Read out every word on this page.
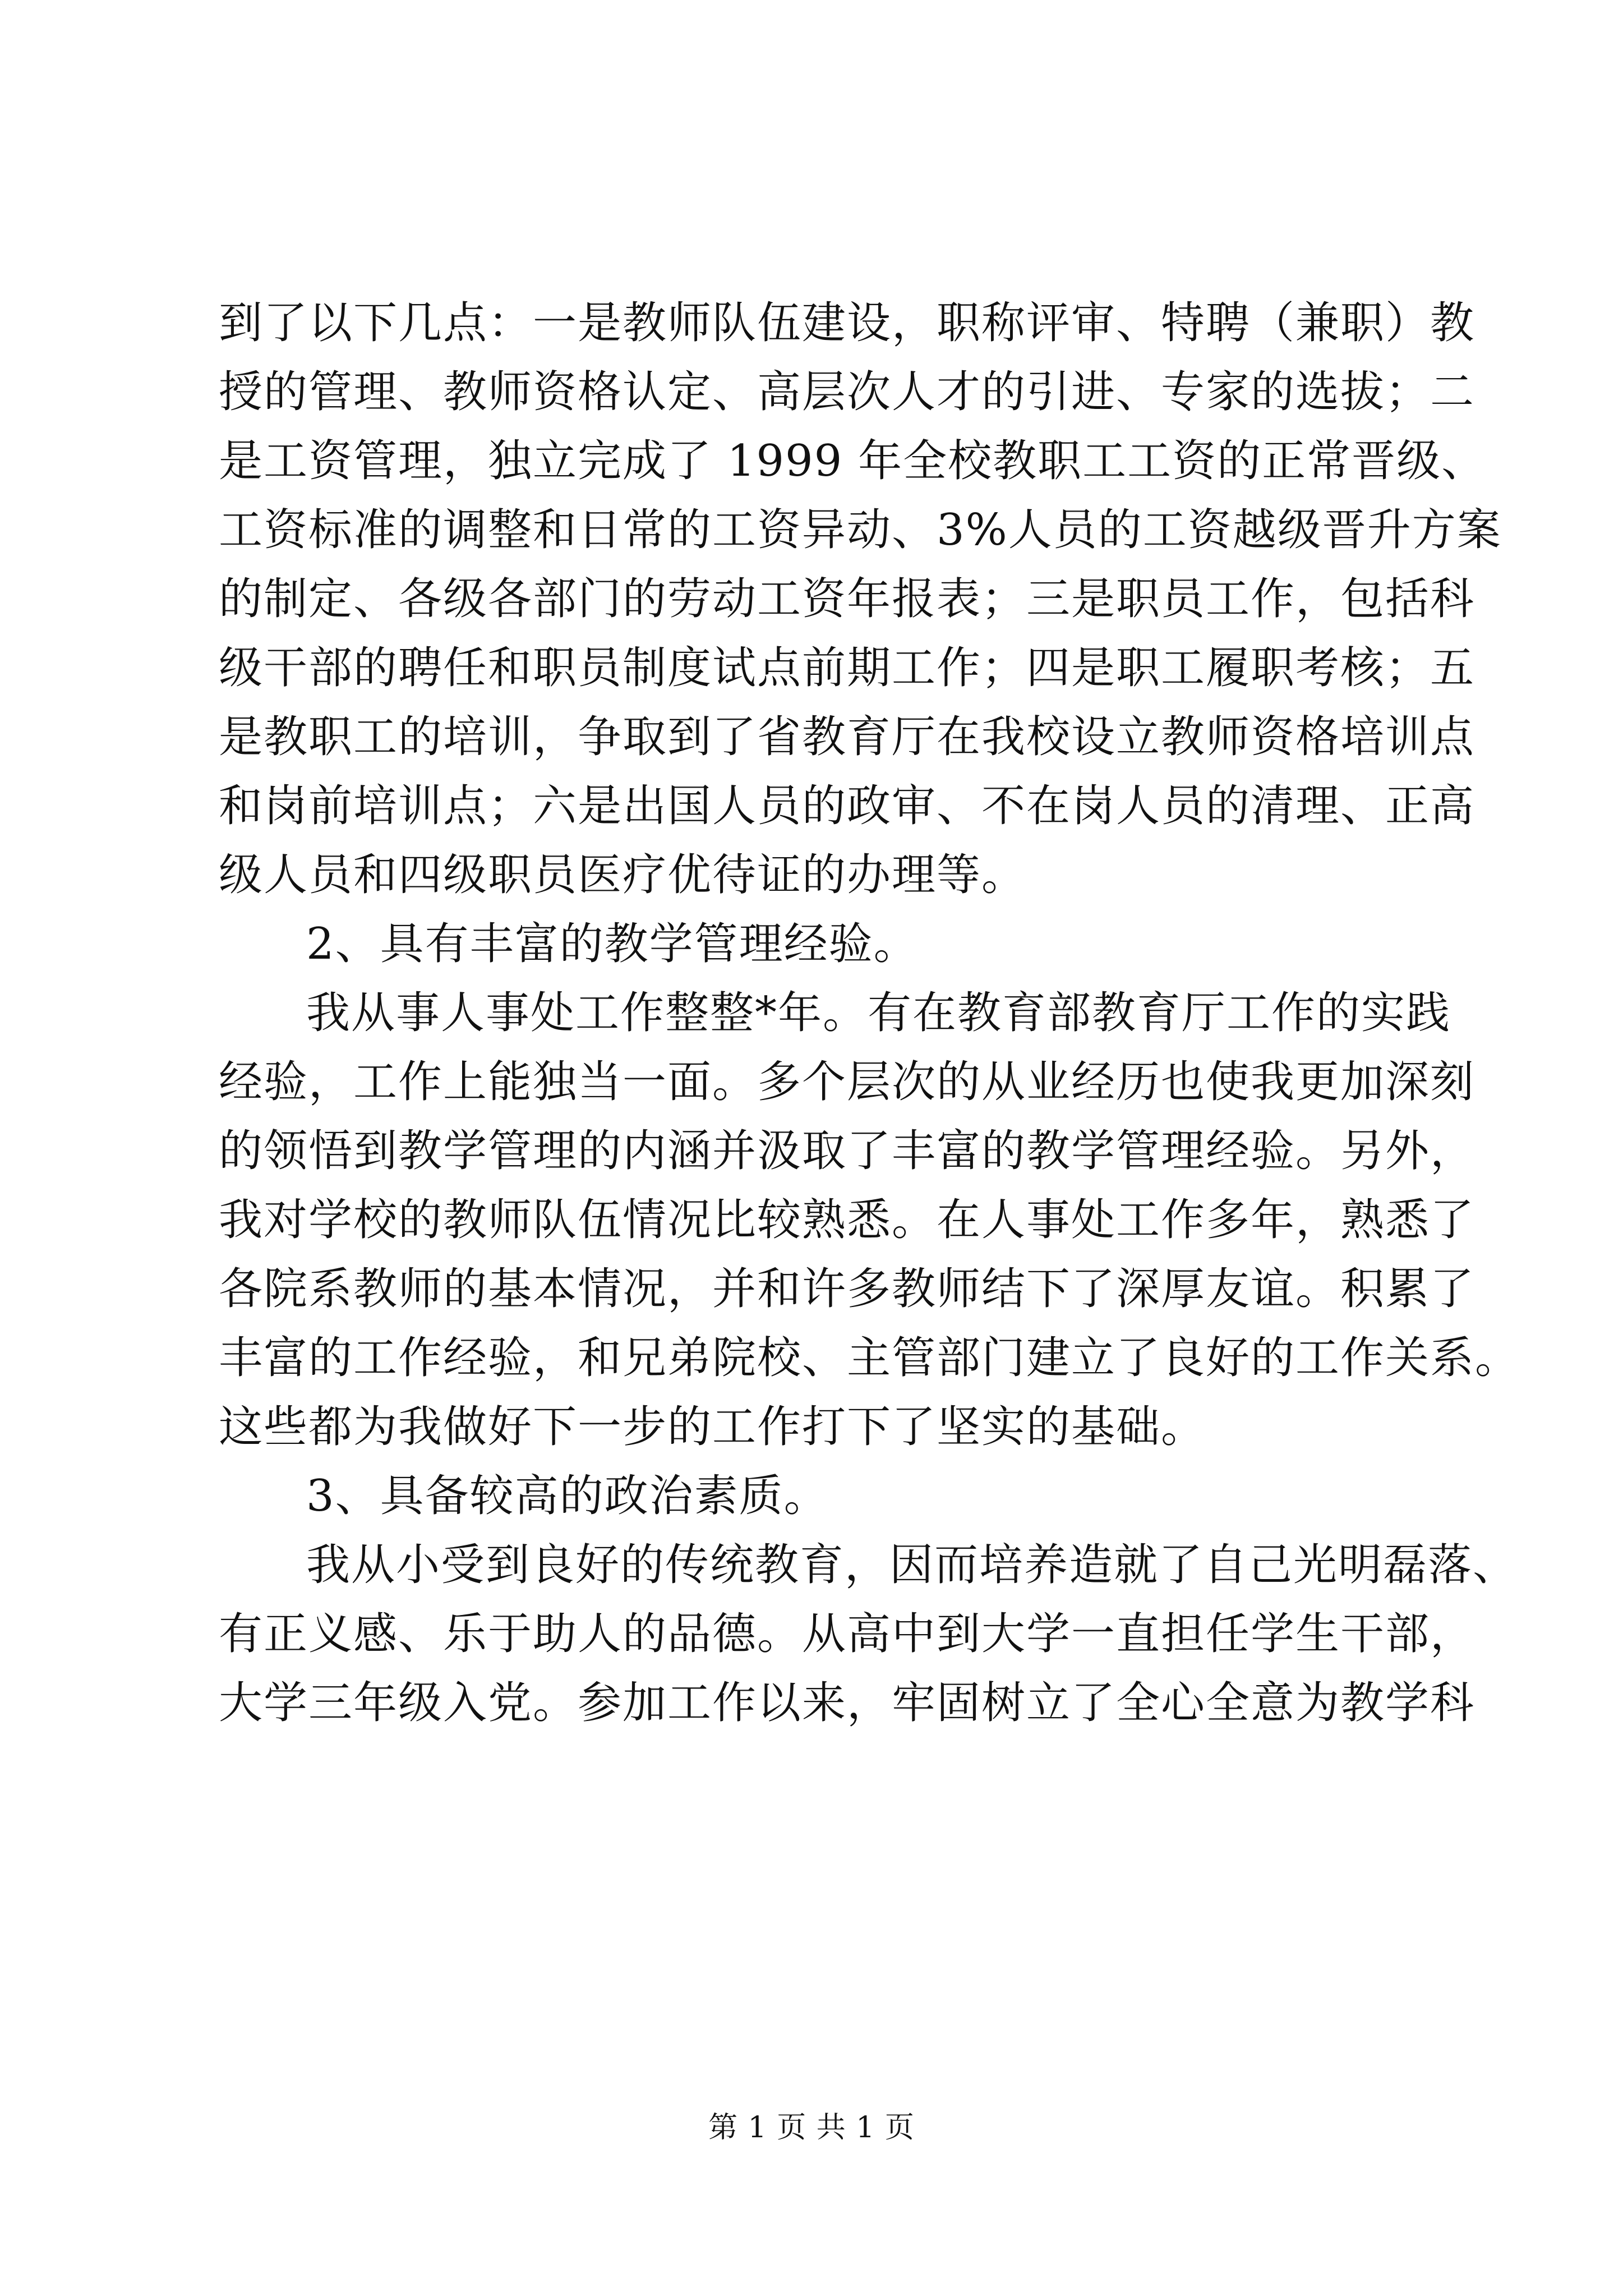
到了以下几点：一是教师队伍建设，职称评审、特聘（兼职）教
授的管理、教师资格认定、高层次人才的引进、专家的选拔；二
是工资管理，独立完成了 1999 年全校教职工工资的正常晋级、
工资标准的调整和日常的工资异动、3%人员的工资越级晋升方案
的制定、各级各部门的劳动工资年报表；三是职员工作，包括科
级干部的聘任和职员制度试点前期工作；四是职工履职考核；五
是教职工的培训，争取到了省教育厅在我校设立教师资格培训点
和岗前培训点；六是出国人员的政审、不在岗人员的清理、正高
级人员和四级职员医疗优待证的办理等。
2、具有丰富的教学管理经验。
我从事人事处工作整整*年。有在教育部教育厅工作的实践
经验，工作上能独当一面。多个层次的从业经历也使我更加深刻
的领悟到教学管理的内涵并汲取了丰富的教学管理经验。另外，
我对学校的教师队伍情况比较熟悉。在人事处工作多年，熟悉了
各院系教师的基本情况，并和许多教师结下了深厚友谊。积累了
丰富的工作经验，和兄弟院校、主管部门建立了良好的工作关系。
这些都为我做好下一步的工作打下了坚实的基础。
3、具备较高的政治素质。
我从小受到良好的传统教育，因而培养造就了自己光明磊落、
有正义感、乐于助人的品德。从高中到大学一直担任学生干部，
大学三年级入党。参加工作以来，牢固树立了全心全意为教学科
第 1 页 共 1 页
